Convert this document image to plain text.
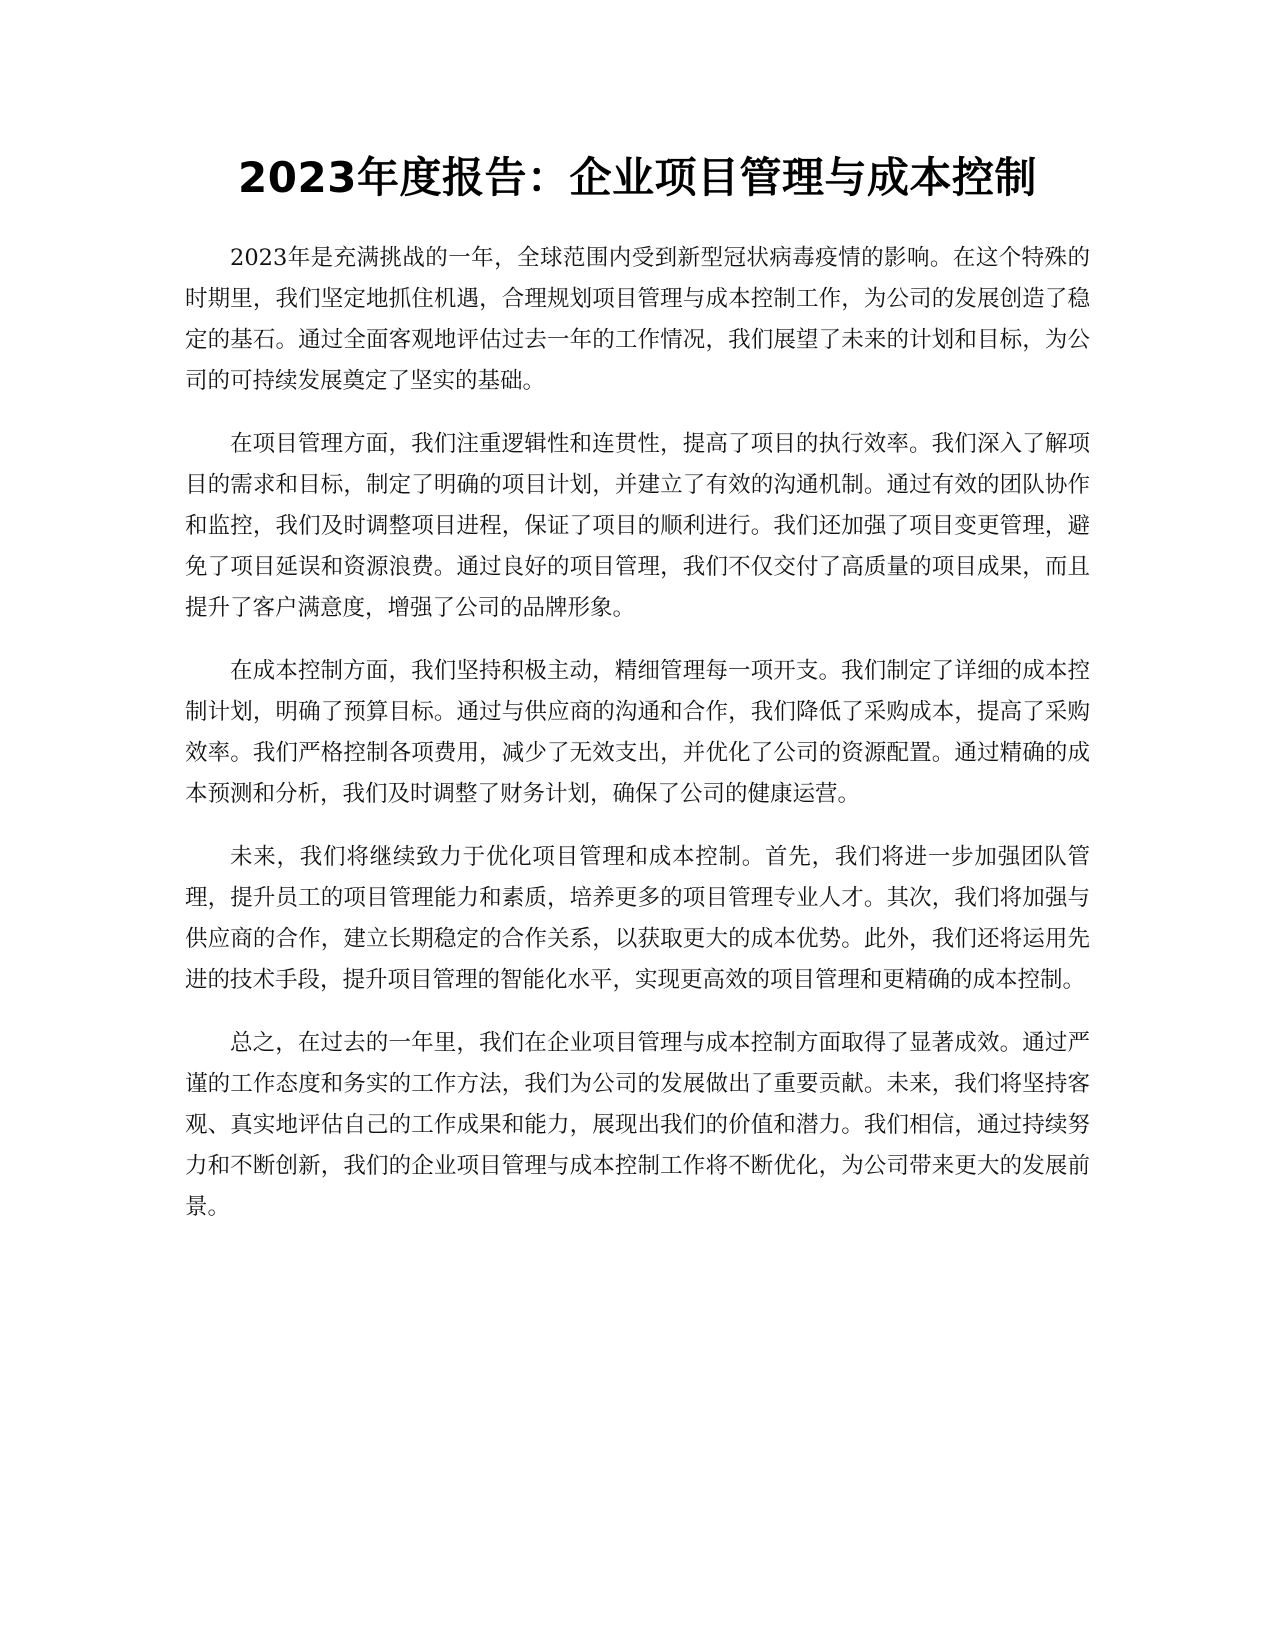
2023年度报告：企业项目管理与成本控制

2023年是充满挑战的一年，全球范围内受到新型冠状病毒疫情的影响。在这个特殊的时期里，我们坚定地抓住机遇，合理规划项目管理与成本控制工作，为公司的发展创造了稳定的基石。通过全面客观地评估过去一年的工作情况，我们展望了未来的计划和目标，为公司的可持续发展奠定了坚实的基础。

在项目管理方面，我们注重逻辑性和连贯性，提高了项目的执行效率。我们深入了解项目的需求和目标，制定了明确的项目计划，并建立了有效的沟通机制。通过有效的团队协作和监控，我们及时调整项目进程，保证了项目的顺利进行。我们还加强了项目变更管理，避免了项目延误和资源浪费。通过良好的项目管理，我们不仅交付了高质量的项目成果，而且提升了客户满意度，增强了公司的品牌形象。

在成本控制方面，我们坚持积极主动，精细管理每一项开支。我们制定了详细的成本控制计划，明确了预算目标。通过与供应商的沟通和合作，我们降低了采购成本，提高了采购效率。我们严格控制各项费用，减少了无效支出，并优化了公司的资源配置。通过精确的成本预测和分析，我们及时调整了财务计划，确保了公司的健康运营。

未来，我们将继续致力于优化项目管理和成本控制。首先，我们将进一步加强团队管理，提升员工的项目管理能力和素质，培养更多的项目管理专业人才。其次，我们将加强与供应商的合作，建立长期稳定的合作关系，以获取更大的成本优势。此外，我们还将运用先进的技术手段，提升项目管理的智能化水平，实现更高效的项目管理和更精确的成本控制。

总之，在过去的一年里，我们在企业项目管理与成本控制方面取得了显著成效。通过严谨的工作态度和务实的工作方法，我们为公司的发展做出了重要贡献。未来，我们将坚持客观、真实地评估自己的工作成果和能力，展现出我们的价值和潜力。我们相信，通过持续努力和不断创新，我们的企业项目管理与成本控制工作将不断优化，为公司带来更大的发展前景。
